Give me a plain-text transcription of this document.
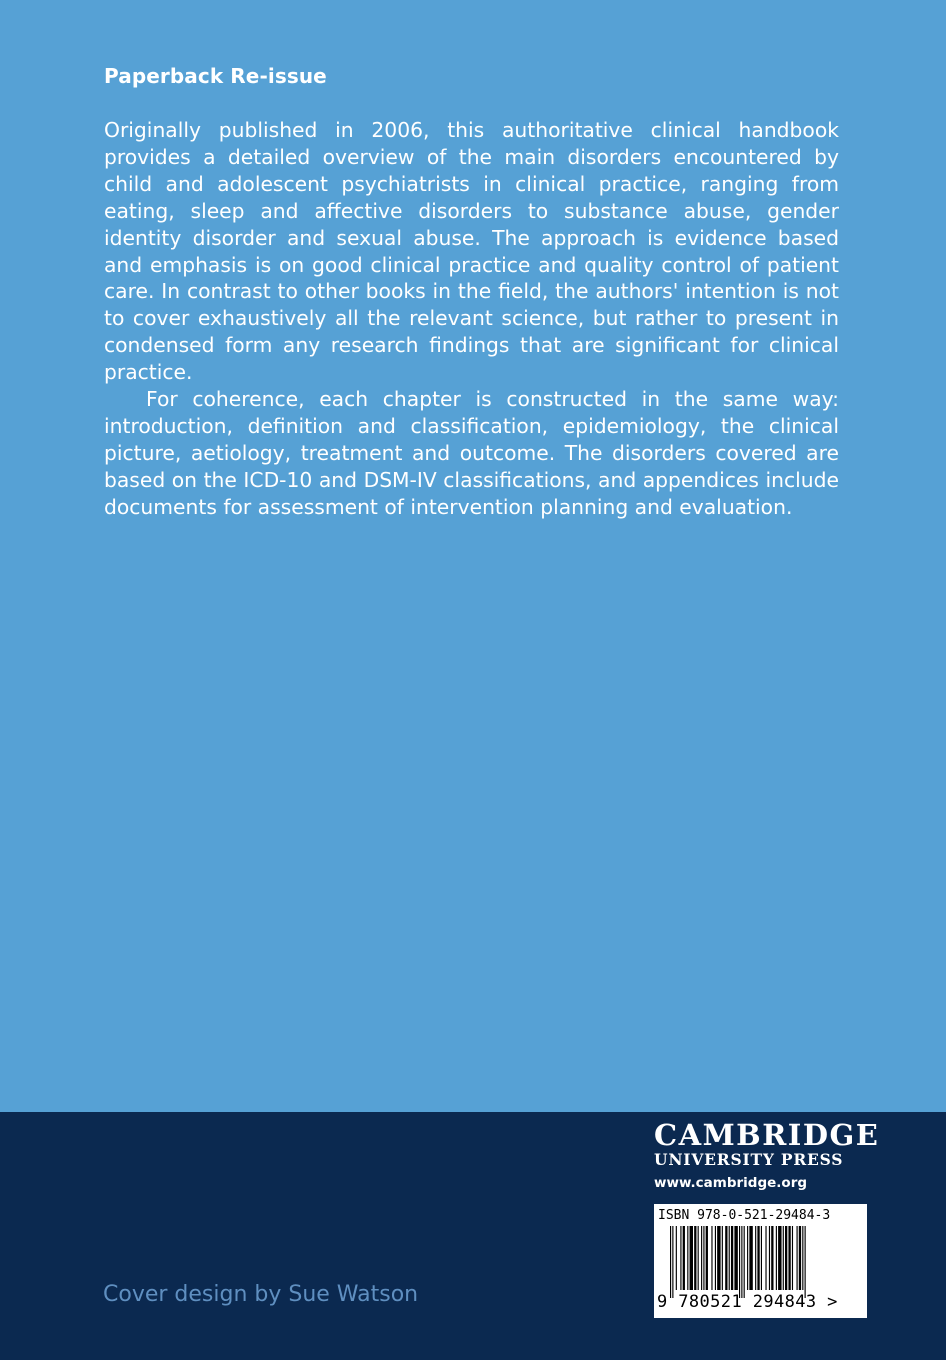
Paperback Re-issue

Originally published in 2006, this authoritative clinical handbook provides a detailed overview of the main disorders encountered by child and adolescent psychiatrists in clinical practice, ranging from eating, sleep and affective disorders to substance abuse, gender identity disorder and sexual abuse. The approach is evidence based and emphasis is on good clinical practice and quality control of patient care. In contrast to other books in the field, the authors' intention is not to cover exhaustively all the relevant science, but rather to present in condensed form any research findings that are significant for clinical practice.

For coherence, each chapter is constructed in the same way: introduction, definition and classification, epidemiology, the clinical picture, aetiology, treatment and outcome. The disorders covered are based on the ICD-10 and DSM-IV classifications, and appendices include documents for assessment of intervention planning and evaluation.

Cover design by Sue Watson
CAMBRIDGE
UNIVERSITY PRESS
www.cambridge.org
ISBN 978-0-521-29484-3
9 780521 294843 >
